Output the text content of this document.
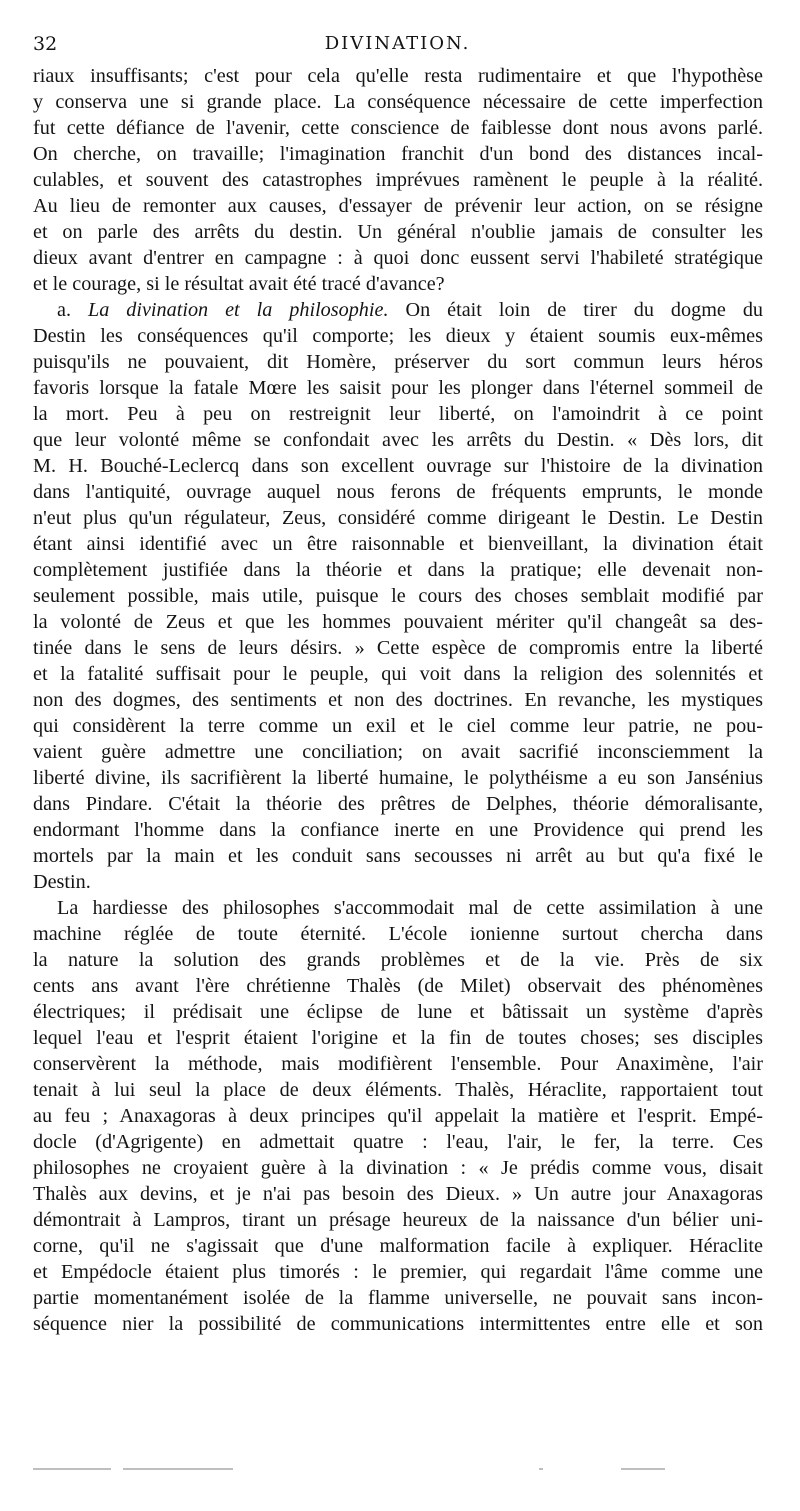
32	DIVINATION.
riaux insuffisants; c'est pour cela qu'elle resta rudimentaire et que l'hypothèse
y conserva une si grande place. La conséquence nécessaire de cette imperfection
fut cette défiance de l'avenir, cette conscience de faiblesse dont nous avons parlé.
On cherche, on travaille; l'imagination franchit d'un bond des distances incal-
culables, et souvent des catastrophes imprévues ramènent le peuple à la réalité.
Au lieu de remonter aux causes, d'essayer de prévenir leur action, on se résigne
et on parle des arrêts du destin. Un général n'oublie jamais de consulter les
dieux avant d'entrer en campagne : à quoi donc eussent servi l'habileté stratégique
et le courage, si le résultat avait été tracé d'avance?
a. La divination et la philosophie. On était loin de tirer du dogme du
Destin les conséquences qu'il comporte; les dieux y étaient soumis eux-mêmes
puisqu'ils ne pouvaient, dit Homère, préserver du sort commun leurs héros
favoris lorsque la fatale Mœre les saisit pour les plonger dans l'éternel sommeil de
la mort. Peu à peu on restreignit leur liberté, on l'amoindrit à ce point
que leur volonté même se confondait avec les arrêts du Destin. « Dès lors, dit
M. H. Bouché-Leclercq dans son excellent ouvrage sur l'histoire de la divination
dans l'antiquité, ouvrage auquel nous ferons de fréquents emprunts, le monde
n'eut plus qu'un régulateur, Zeus, considéré comme dirigeant le Destin. Le Destin
étant ainsi identifié avec un être raisonnable et bienveillant, la divination était
complètement justifiée dans la théorie et dans la pratique; elle devenait non-
seulement possible, mais utile, puisque le cours des choses semblait modifié par
la volonté de Zeus et que les hommes pouvaient mériter qu'il changeât sa des-
tinée dans le sens de leurs désirs. » Cette espèce de compromis entre la liberté
et la fatalité suffisait pour le peuple, qui voit dans la religion des solennités et
non des dogmes, des sentiments et non des doctrines. En revanche, les mystiques
qui considèrent la terre comme un exil et le ciel comme leur patrie, ne pou-
vaient guère admettre une conciliation; on avait sacrifié inconsciemment la
liberté divine, ils sacrifièrent la liberté humaine, le polythéisme a eu son Jansénius
dans Pindare. C'était la théorie des prêtres de Delphes, théorie démoralisante,
endormant l'homme dans la confiance inerte en une Providence qui prend les
mortels par la main et les conduit sans secousses ni arrêt au but qu'a fixé le
Destin.
La hardiesse des philosophes s'accommodait mal de cette assimilation à une
machine réglée de toute éternité. L'école ionienne surtout chercha dans
la nature la solution des grands problèmes et de la vie. Près de six
cents ans avant l'ère chrétienne Thalès (de Milet) observait des phénomènes
électriques; il prédisait une éclipse de lune et bâtissait un système d'après
lequel l'eau et l'esprit étaient l'origine et la fin de toutes choses; ses disciples
conservèrent la méthode, mais modifièrent l'ensemble. Pour Anaximène, l'air
tenait à lui seul la place de deux éléments. Thalès, Héraclite, rapportaient tout
au feu ; Anaxagoras à deux principes qu'il appelait la matière et l'esprit. Empé-
docle (d'Agrigente) en admettait quatre : l'eau, l'air, le fer, la terre. Ces
philosophes ne croyaient guère à la divination : « Je prédis comme vous, disait
Thalès aux devins, et je n'ai pas besoin des Dieux. » Un autre jour Anaxagoras
démontrait à Lampros, tirant un présage heureux de la naissance d'un bélier uni-
corne, qu'il ne s'agissait que d'une malformation facile à expliquer. Héraclite
et Empédocle étaient plus timorés : le premier, qui regardait l'âme comme une
partie momentanément isolée de la flamme universelle, ne pouvait sans incon-
séquence nier la possibilité de communications intermittentes entre elle et son
